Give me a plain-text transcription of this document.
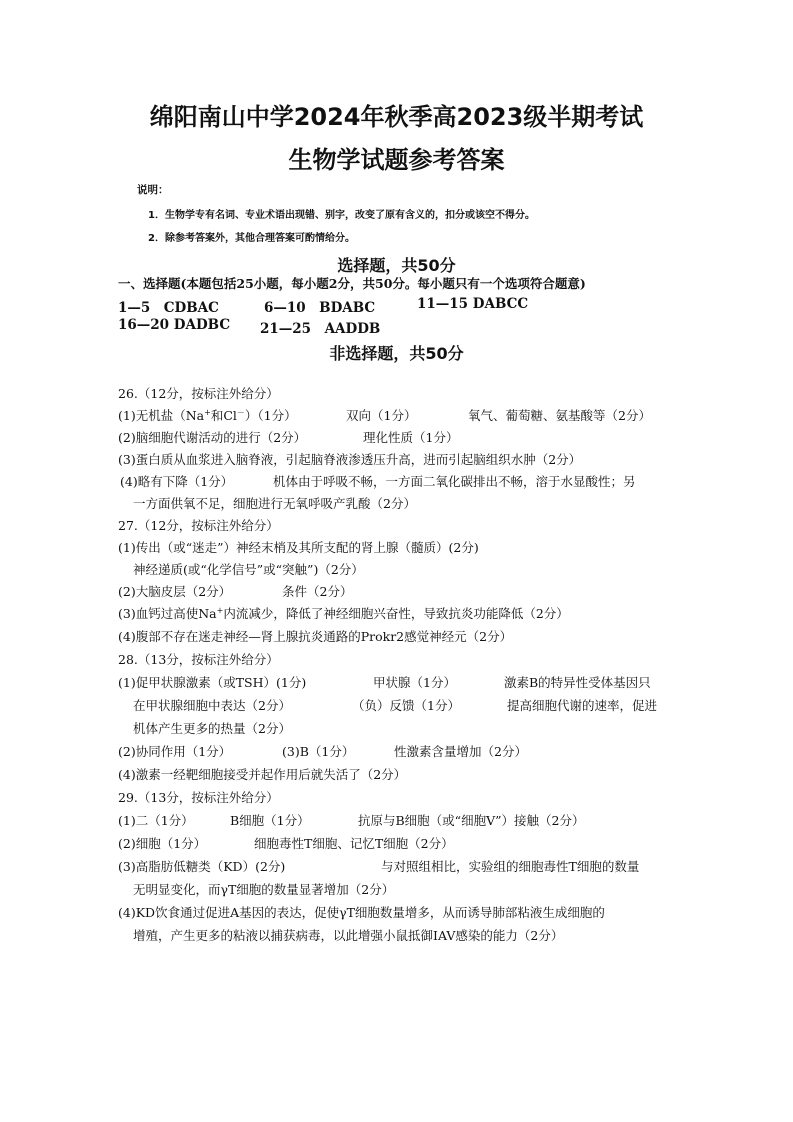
绵阳南山中学2024年秋季高2023级半期考试
生物学试题参考答案
说明：
1．生物学专有名词、专业术语出现错、别字，改变了原有含义的，扣分或该空不得分。
2．除参考答案外，其他合理答案可酌情给分。
选择题，共50分
一、选择题(本题包括25小题，每小题2分，共50分。每小题只有一个选项符合题意)
1—5　CDBAC	6—10　BDABC	11—15 DABCC
16—20 DADBC 21—25　AADDB
非选择题，共50分
26.（12分，按标注外给分）
(1)无机盐（Na+和Cl－）（1分）	双向（1分）	氧气、葡萄糖、氨基酸等（2分）
(2)脑细胞代谢活动的进行（2分）	理化性质（1分）
(3)蛋白质从血浆进入脑脊液，引起脑脊液渗透压升高，进而引起脑组织水肿（2分）
(4)略有下降（1分）	机体由于呼吸不畅，一方面二氧化碳排出不畅，溶于水显酸性；另
一方面供氧不足，细胞进行无氧呼吸产乳酸（2分）
27.（12分，按标注外给分）
(1)传出（或“迷走”）神经末梢及其所支配的肾上腺（髓质）(2分)
神经递质(或“化学信号”或“突触”)（2分）
(2)大脑皮层（2分）	条件（2分）
(3)血钙过高使Na+内流减少，降低了神经细胞兴奋性，导致抗炎功能降低（2分）
(4)腹部不存在迷走神经—肾上腺抗炎通路的Prokr2感觉神经元（2分）
28.（13分，按标注外给分）
(1)促甲状腺激素（或TSH）(1分)	甲状腺（1分）	激素B的特异性受体基因只
在甲状腺细胞中表达（2分）	（负）反馈（1分）	提高细胞代谢的速率，促进
机体产生更多的热量（2分）
(2)协同作用（1分）	(3)B（1分）	性激素含量增加（2分）
(4)激素一经靶细胞接受并起作用后就失活了（2分）
29.（13分，按标注外给分）
(1)二（1分）	B细胞（1分）	抗原与B细胞（或“细胞Ⅴ”）接触（2分）
(2)细胞（1分）	细胞毒性T细胞、记忆T细胞（2分）
(3)高脂肪低糖类（KD）(2分)	与对照组相比，实验组的细胞毒性T细胞的数量
无明显变化，而γT细胞的数量显著增加（2分）
(4)KD饮食通过促进A基因的表达，促使γT细胞数量增多，从而诱导肺部粘液生成细胞的
增殖，产生更多的粘液以捕获病毒，以此增强小鼠抵御IAV感染的能力（2分）
